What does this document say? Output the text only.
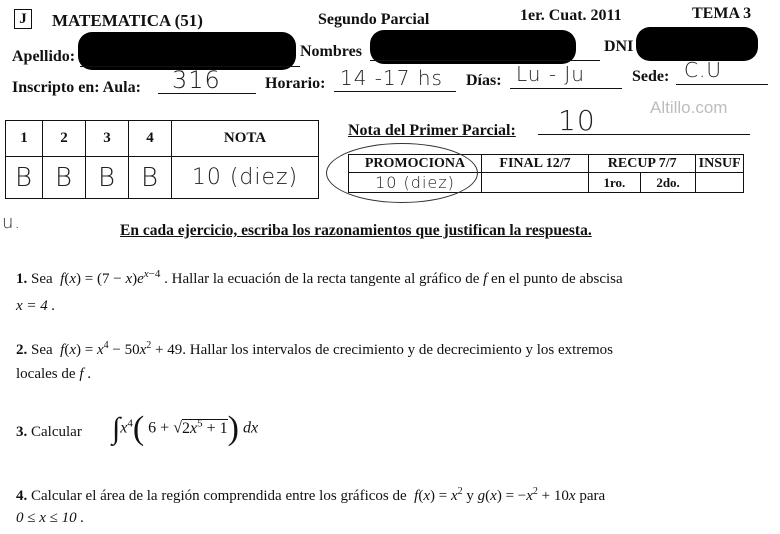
J	MATEMATICA (51)	Segundo Parcial	1er. Cuat. 2011	TEMA 3
Apellido:	Nombres	DNI
Inscripto en: Aula: 316	Horario: 14 -17 hs Días: Lu - Ju	Sede: C.U
Altillo.com
1	2	3	4	NOTA
B	B	B	B	10 (diez)
u.
Nota del Primer Parcial: 10
PROMOCIONA	FINAL 12/7	RECUP 7/7		INSUF
10 (diez)		1ro.	2do.	
En cada ejercicio, escriba los razonamientos que justifican la respuesta.
1. Sea  $f(x) = (7 - x)e^{x-4}$ . Hallar la ecuación de la recta tangente al gráfico de f en el punto de abscisa
x = 4 .
2. Sea  $f(x) = x^4 - 50x^2 + 49$. Hallar los intervalos de crecimiento y de decrecimiento y los extremos
locales de f .
3. Calcular $\int x^4$( $6 + √2x^5 + 1$) dx
4. Calcular el área de la región comprendida entre los gráficos de  $f(x) = x^2$ y $g(x) = -x^2 + 10x$ para
0 ≤ x ≤ 10 .
